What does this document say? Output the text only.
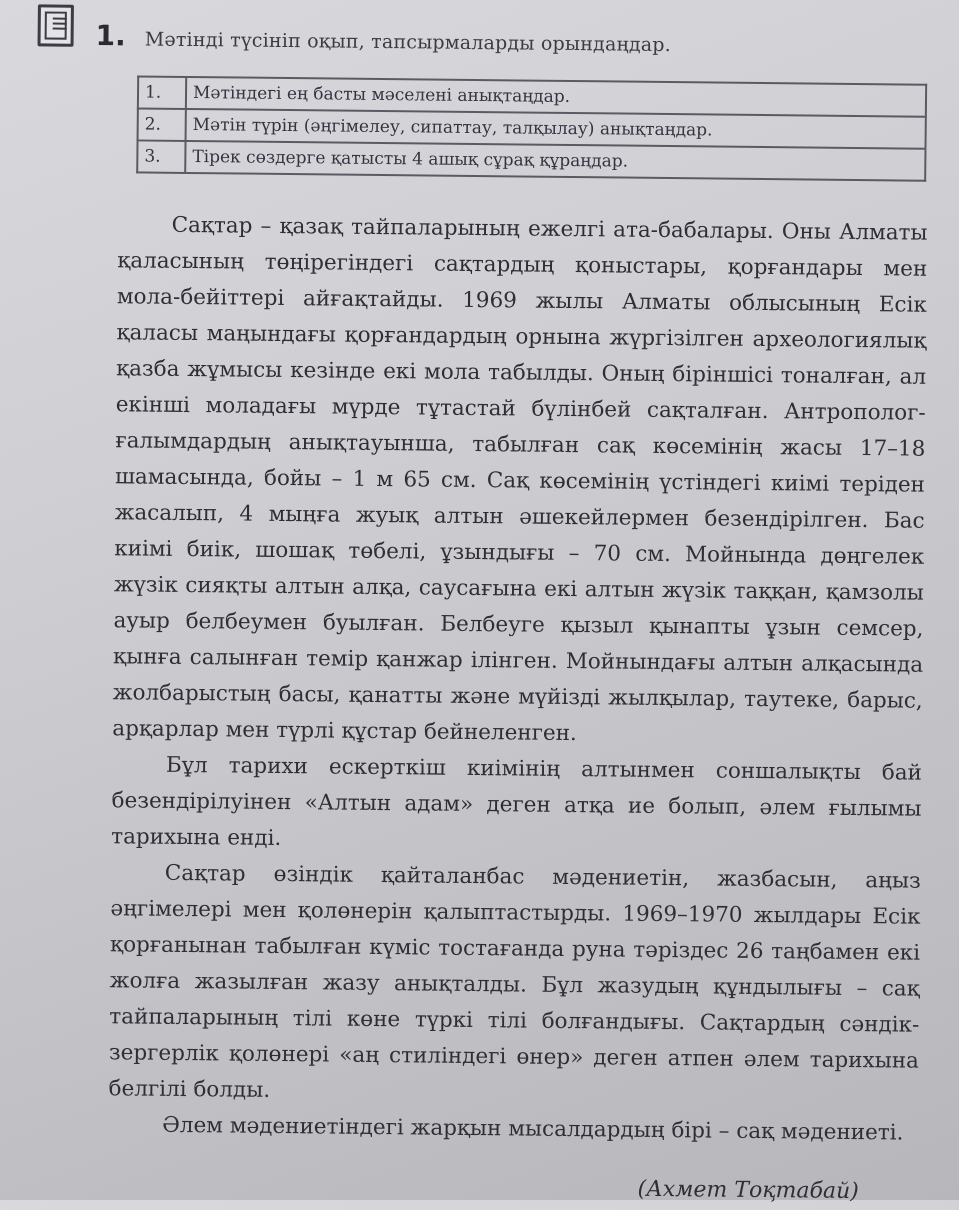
1. Мәтінді түсініп оқып, тапсырмаларды орындаңдар.
1.	Мәтіндегі ең басты мәселені анықтаңдар.
2.	Мәтін түрін (әңгімелеу, сипаттау, талқылау) анықтаңдар.
3.	Тірек сөздерге қатысты 4 ашық сұрақ құраңдар.

Сақтар – қазақ тайпаларының ежелгі ата-бабалары. Оны Алматы қаласының төңірегіндегі сақтардың қоныстары, қорғандары мен мола-бейіттері айғақтайды. 1969 жылы Алматы облысының Есік қаласы маңындағы қорғандардың орнына жүргізілген археологиялық қазба жұмысы кезінде екі мола табылды. Оның біріншісі тоналған, ал екінші моладағы мүрде тұтастай бүлінбей сақталған. Антрополог-ғалымдардың анықтауынша, табылған сақ көсемінің жасы 17–18 шамасында, бойы – 1 м 65 см. Сақ көсемінің үстіндегі киімі теріден жасалып, 4 мыңға жуық алтын әшекейлермен безендірілген. Бас киімі биік, шошақ төбелі, ұзындығы – 70 см. Мойнында дөңгелек жүзік сияқты алтын алқа, саусағына екі алтын жүзік таққан, қамзолы ауыр белбеумен буылған. Белбеуге қызыл қынапты ұзын семсер, қынға салынған темір қанжар ілінген. Мойнындағы алтын алқасында жолбарыстың басы, қанатты және мүйізді жылқылар, таутеке, барыс, арқарлар мен түрлі құстар бейнеленген.

Бұл тарихи ескерткіш киімінің алтынмен соншалықты бай безендірілуінен «Алтын адам» деген атқа ие болып, әлем ғылымы тарихына енді.

Сақтар өзіндік қайталанбас мәдениетін, жазбасын, аңыз әңгімелері мен қолөнерін қалыптастырды. 1969–1970 жылдары Есік қорғанынан табылған күміс тостағанда руна тәріздес 26 таңбамен екі жолға жазылған жазу анықталды. Бұл жазудың құндылығы – сақ тайпаларының тілі көне түркі тілі болғандығы. Сақтардың сәндік-зергерлік қолөнері «аң стиліндегі өнер» деген атпен әлем тарихына белгілі болды.

Әлем мәдениетіндегі жарқын мысалдардың бірі – сақ мәдениеті.

(Ахмет Тоқтабай)
